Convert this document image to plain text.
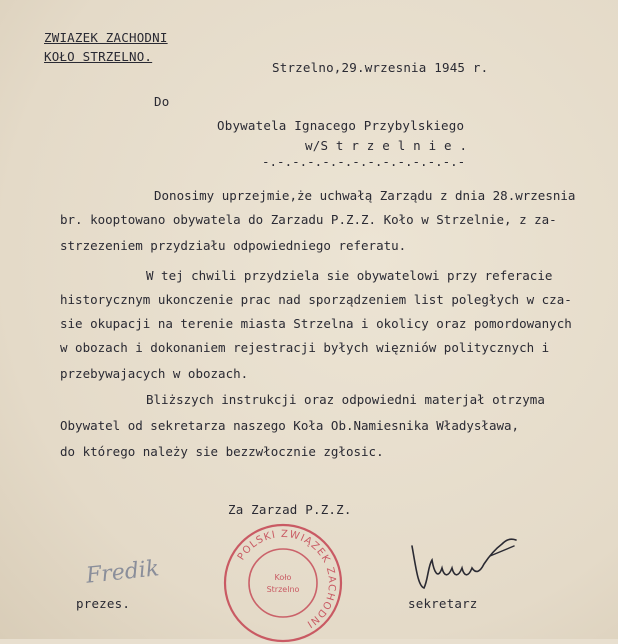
ZWIAZEK ZACHODNI
KOŁO STRZELNO.
Strzelno,29.wrzesnia 1945 r.
Do
Obywatela Ignacego Przybylskiego
w/S t r z e l n i e .
-.-.-.-.-.-.-.-.-.-.-.-.-.-
Donosimy uprzejmie,że uchwałą Zarządu z dnia 28.wrzesnia
br. kooptowano obywatela do Zarzadu P.Z.Z. Koło w Strzelnie, z za-
strzezeniem przydziału odpowiedniego referatu.
W tej chwili przydziela sie obywatelowi przy referacie
historycznym ukonczenie prac nad sporządzeniem list poległych w cza-
sie okupacji na terenie miasta Strzelna i okolicy oraz pomordowanych
w obozach i dokonaniem rejestracji byłych więzniów politycznych i
przebywajacych w obozach.
Bliższych instrukcji oraz odpowiedni materjał otrzyma
Obywatel od sekretarza naszego Koła Ob.Namiesnika Władysława,
do którego należy sie bezzwłocznie zgłosic.
Za Zarzad P.Z.Z.
POLSKI ZWIĄZEK ZACHODNI
Koło
Strzelno
Fredik
prezes.	sekretarz
